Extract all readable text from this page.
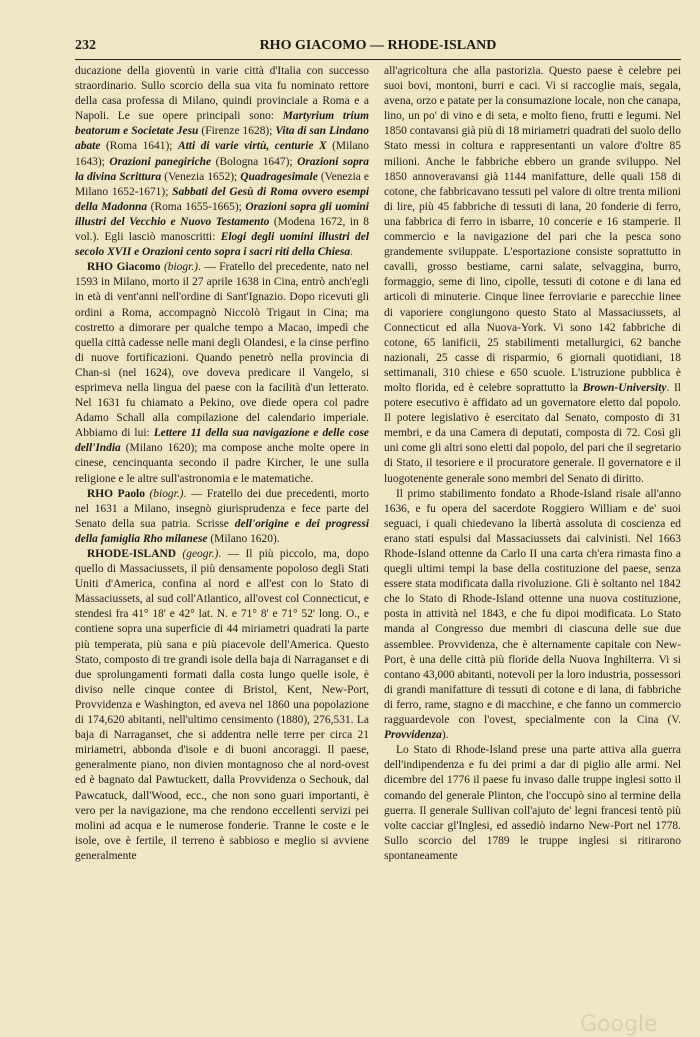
232	RHO GIACOMO — RHODE-ISLAND

ducazione della gioventù in varie città d'Italia con successo straordinario. Sullo scorcio della sua vita fu nominato rettore della casa professa di Milano, quindi provinciale a Roma e a Napoli. Le sue opere principali sono: Martyrium trium beatorum e Societate Jesu (Firenze 1628); Vita di san Lindano abate (Roma 1641); Atti di varie virtù, centurie X (Milano 1643); Orazioni panegiriche (Bologna 1647); Orazioni sopra la divina Scrittura (Venezia 1652); Quadragesimale (Venezia e Milano 1652-1671); Sabbati del Gesù di Roma ovvero esempi della Madonna (Roma 1655-1665); Orazioni sopra gli uomini illustri del Vecchio e Nuovo Testamento (Modena 1672, in 8 vol.). Egli lasciò manoscritti: Elogi degli uomini illustri del secolo XVII e Orazioni cento sopra i sacri riti della Chiesa.

RHO Giacomo (biogr.). — Fratello del precedente, nato nel 1593 in Milano, morto il 27 aprile 1638 in Cina, entrò anch'egli in età di vent'anni nell'ordine di Sant'Ignazio. Dopo ricevuti gli ordini a Roma, accompagnò Niccolò Trigaut in Cina; ma costretto a dimorare per qualche tempo a Macao, impedì che quella città cadesse nelle mani degli Olandesi, e la cinse perfino di nuove fortificazioni. Quando penetrò nella provincia di Chan-si (nel 1624), ove doveva predicare il Vangelo, si esprimeva nella lingua del paese con la facilità d'un letterato. Nel 1631 fu chiamato a Pekino, ove diede opera col padre Adamo Schall alla compilazione del calendario imperiale. Abbiamo di lui: Lettere 11 della sua navigazione e delle cose dell'India (Milano 1620); ma compose anche molte opere in cinese, cencinquanta secondo il padre Kircher, le une sulla religione e le altre sull'astronomia e le matematiche.

RHO Paolo (biogr.). — Fratello dei due precedenti, morto nel 1631 a Milano, insegnò giurisprudenza e fece parte del Senato della sua patria. Scrisse dell'origine e dei progressi della famiglia Rho milanese (Milano 1620).

RHODE-ISLAND (geogr.). — Il più piccolo, ma, dopo quello di Massaciussets, il più densamente popoloso degli Stati Uniti d'America, confina al nord e all'est con lo Stato di Massaciussets, al sud coll'Atlantico, all'ovest col Connecticut, e stendesi fra 41° 18' e 42° lat. N. e 71° 8' e 71° 52' long. O., e contiene sopra una superficie di 44 miriametri quadrati la parte più temperata, più sana e più piacevole dell'America. Questo Stato, composto di tre grandi isole della baja di Narraganset e di due sprolungamenti formati dalla costa lungo quelle isole, è diviso nelle cinque contee di Bristol, Kent, New-Port, Provvidenza e Washington, ed aveva nel 1860 una popolazione di 174,620 abitanti, nell'ultimo censimento (1880), 276,531. La baja di Narraganset, che si addentra nelle terre per circa 21 miriametri, abbonda d'isole e di buoni ancoraggi. Il paese, generalmente piano, non divien montagnoso che al nord-ovest ed è bagnato dal Pawtuckett, dalla Provvidenza o Sechouk, dal Pawcatuck, dall'Wood, ecc., che non sono guari importanti, è vero per la navigazione, ma che rendono eccellenti servizi pei molini ad acqua e le numerose fonderie. Tranne le coste e le isole, ove è fertile, il terreno è sabbioso e meglio si avviene generalmente

all'agricoltura che alla pastorizia. Questo paese è celebre pei suoi bovi, montoni, burri e caci. Vi si raccoglie mais, segala, avena, orzo e patate per la consumazione locale, non che canapa, lino, un po' di vino e di seta, e molto fieno, frutti e legumi. Nel 1850 contavansi già più di 18 miriametri quadrati del suolo dello Stato messi in coltura e rappresentanti un valore d'oltre 85 milioni. Anche le fabbriche ebbero un grande sviluppo. Nel 1850 annoveravansi già 1144 manifatture, delle quali 158 di cotone, che fabbricavano tessuti pel valore di oltre trenta milioni di lire, più 45 fabbriche di tessuti di lana, 20 fonderie di ferro, una fabbrica di ferro in isbarre, 10 concerie e 16 stamperie. Il commercio e la navigazione del pari che la pesca sono grandemente sviluppate. L'esportazione consiste soprattutto in cavalli, grosso bestiame, carni salate, selvaggina, burro, formaggio, seme di lino, cipolle, tessuti di cotone e di lana ed articoli di minuterie. Cinque linee ferroviarie e parecchie linee di vaporiere congiungono questo Stato al Massaciussets, al Connecticut ed alla Nuova-York. Vi sono 142 fabbriche di cotone, 65 lanificii, 25 stabilimenti metallurgici, 62 banche nazionali, 25 casse di risparmio, 6 giornali quotidiani, 18 settimanali, 310 chiese e 650 scuole. L'istruzione pubblica è molto florida, ed è celebre soprattutto la Brown-University. Il potere esecutivo è affidato ad un governatore eletto dal popolo. Il potere legislativo è esercitato dal Senato, composto di 31 membri, e da una Camera di deputati, composta di 72. Così gli uni come gli altri sono eletti dal popolo, del pari che il segretario di Stato, il tesoriere e il procuratore generale. Il governatore e il luogotenente generale sono membri del Senato di diritto.

Il primo stabilimento fondato a Rhode-Island risale all'anno 1636, e fu opera del sacerdote Roggiero William e de' suoi seguaci, i quali chiedevano la libertà assoluta di coscienza ed erano stati espulsi dal Massaciussets dai calvinisti. Nel 1663 Rhode-Island ottenne da Carlo II una carta ch'era rimasta fino a quegli ultimi tempi la base della costituzione del paese, senza essere stata modificata dalla rivoluzione. Gli è soltanto nel 1842 che lo Stato di Rhode-Island ottenne una nuova costituzione, posta in attività nel 1843, e che fu dipoi modificata. Lo Stato manda al Congresso due membri di ciascuna delle sue due assemblee. Provvidenza, che è alternamente capitale con New-Port, è una delle città più floride della Nuova Inghilterra. Vi si contano 43,000 abitanti, notevoli per la loro industria, possessori di grandi manifatture di tessuti di cotone e di lana, di fabbriche di ferro, rame, stagno e di macchine, e che fanno un commercio ragguardevole con l'ovest, specialmente con la Cina (V. Provvidenza).

Lo Stato di Rhode-Island prese una parte attiva alla guerra dell'indipendenza e fu dei primi a dar di piglio alle armi. Nel dicembre del 1776 il paese fu invaso dalle truppe inglesi sotto il comando del generale Plinton, che l'occupò sino al termine della guerra. Il generale Sullivan coll'ajuto de' legni francesi tentò più volte cacciar gl'Inglesi, ed assediò indarno New-Port nel 1778. Sullo scorcio del 1789 le truppe inglesi si ritirarono spontaneamente

Google
